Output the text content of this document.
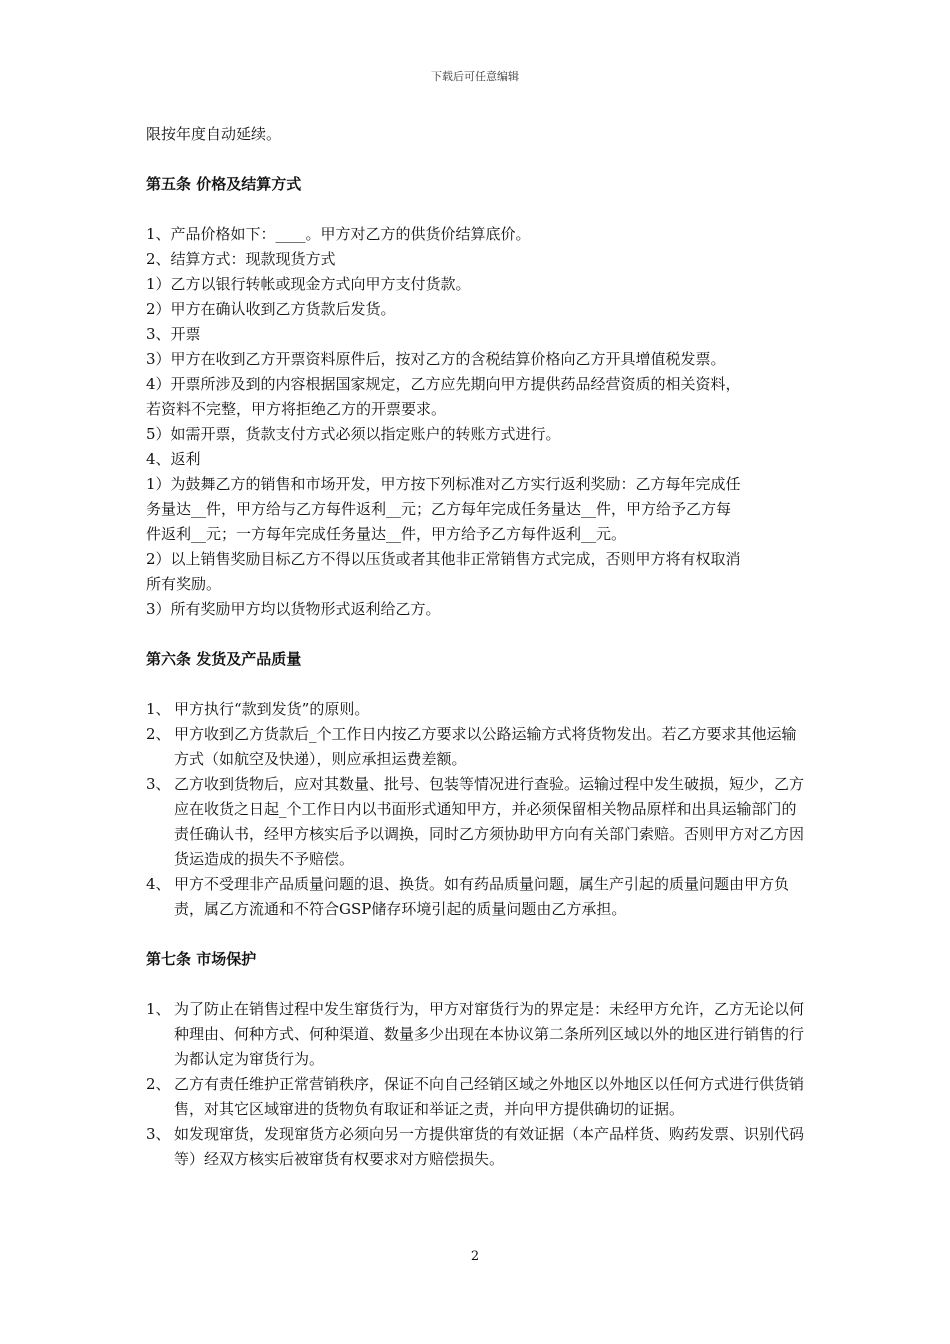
下载后可任意编辑

限按年度自动延续。

第五条 价格及结算方式

1、产品价格如下：____。甲方对乙方的供货价结算底价。

2、结算方式：现款现货方式

1）乙方以银行转帐或现金方式向甲方支付货款。

2）甲方在确认收到乙方货款后发货。

3、开票

3）甲方在收到乙方开票资料原件后，按对乙方的含税结算价格向乙方开具增值税发票。

4）开票所涉及到的内容根据国家规定，乙方应先期向甲方提供药品经营资质的相关资料，

若资料不完整，甲方将拒绝乙方的开票要求。

5）如需开票，货款支付方式必须以指定账户的转账方式进行。

4、返利

1）为鼓舞乙方的销售和市场开发，甲方按下列标准对乙方实行返利奖励：乙方每年完成任

务量达__件，甲方给与乙方每件返利__元；乙方每年完成任务量达__件，甲方给予乙方每

件返利__元；一方每年完成任务量达__件，甲方给予乙方每件返利__元。

2）以上销售奖励目标乙方不得以压货或者其他非正常销售方式完成，否则甲方将有权取消

所有奖励。

3）所有奖励甲方均以货物形式返利给乙方。

第六条 发货及产品质量

1、 甲方执行“款到发货”的原则。
2、 甲方收到乙方货款后_个工作日内按乙方要求以公路运输方式将货物发出。若乙方要求其他运输方式（如航空及快递），则应承担运费差额。
3、 乙方收到货物后，应对其数量、批号、包装等情况进行查验。运输过程中发生破损，短少，乙方应在收货之日起_个工作日内以书面形式通知甲方，并必须保留相关物品原样和出具运输部门的责任确认书，经甲方核实后予以调换，同时乙方须协助甲方向有关部门索赔。否则甲方对乙方因货运造成的损失不予赔偿。
4、 甲方不受理非产品质量问题的退、换货。如有药品质量问题，属生产引起的质量问题由甲方负责，属乙方流通和不符合GSP储存环境引起的质量问题由乙方承担。

第七条 市场保护

1、 为了防止在销售过程中发生窜货行为，甲方对窜货行为的界定是：未经甲方允许，乙方无论以何种理由、何种方式、何种渠道、数量多少出现在本协议第二条所列区域以外的地区进行销售的行为都认定为窜货行为。
2、 乙方有责任维护正常营销秩序，保证不向自己经销区域之外地区以外地区以任何方式进行供货销售，对其它区域窜进的货物负有取证和举证之责，并向甲方提供确切的证据。
3、 如发现窜货，发现窜货方必须向另一方提供窜货的有效证据（本产品样货、购药发票、识别代码等）经双方核实后被窜货有权要求对方赔偿损失。
2
